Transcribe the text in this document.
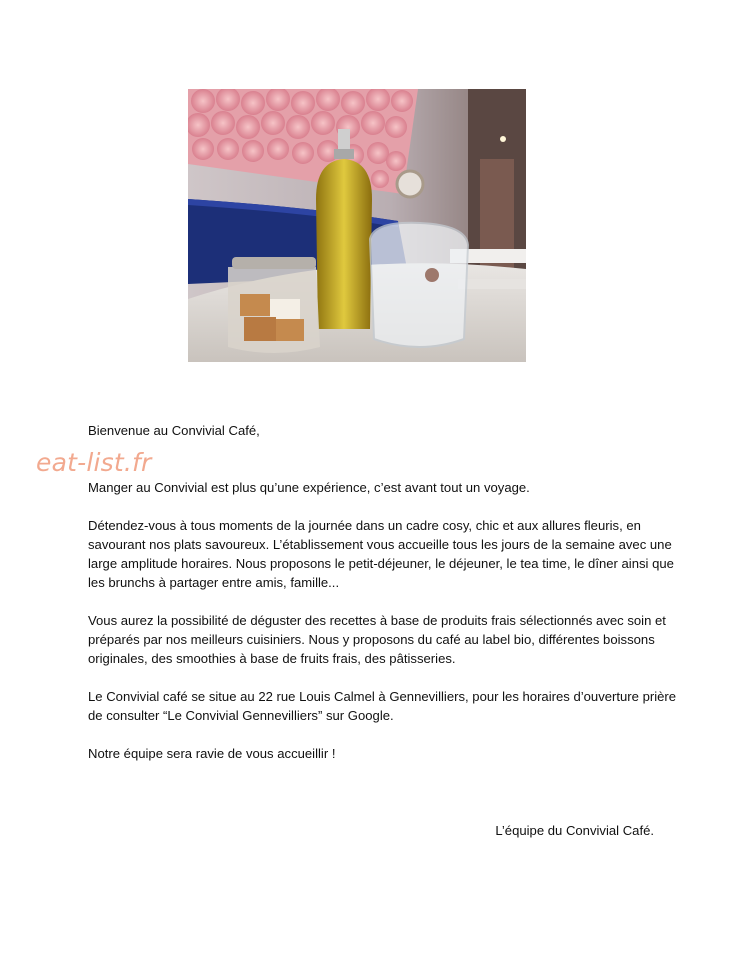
eat-list.fr

Bienvenue au Convivial Café,

Manger au Convivial est plus qu’une expérience, c’est avant tout un voyage.

Détendez-vous à tous moments de la journée dans un cadre cosy, chic et aux allures fleuris, en savourant nos plats savoureux. L’établissement vous accueille tous les jours de la semaine avec une large amplitude horaires. Nous proposons le petit-déjeuner, le déjeuner, le tea time, le dîner ainsi que les brunchs à partager entre amis, famille...

Vous aurez la possibilité de déguster des recettes à base de produits frais sélectionnés avec soin et préparés par nos meilleurs cuisiniers. Nous y proposons du café au label bio, différentes boissons originales, des smoothies à base de fruits frais, des pâtisseries.

Le Convivial café se situe au 22 rue Louis Calmel à Gennevilliers, pour les horaires d’ouverture prière de consulter “Le Convivial Gennevilliers” sur Google.

Notre équipe sera ravie de vous accueillir !

L’équipe du Convivial Café.
